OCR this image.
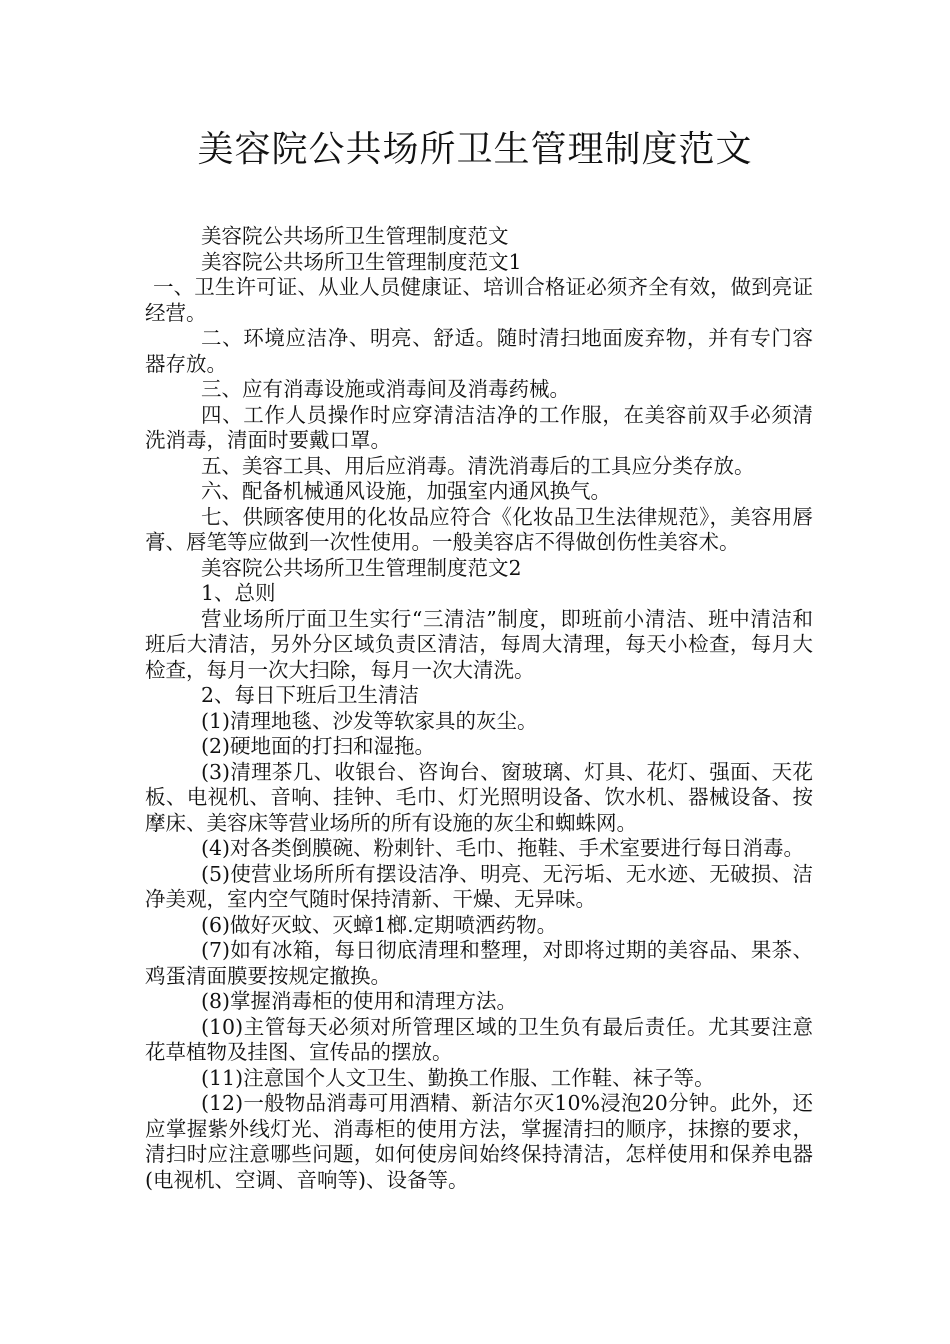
美容院公共场所卫生管理制度范文

美容院公共场所卫生管理制度范文

美容院公共场所卫生管理制度范文1

一、卫生许可证、从业人员健康证、培训合格证必须齐全有效，做到亮证经营。

二、环境应洁净、明亮、舒适。随时清扫地面废弃物，并有专门容器存放。

三、应有消毒设施或消毒间及消毒药械。

四、工作人员操作时应穿清洁洁净的工作服，在美容前双手必须清洗消毒，清面时要戴口罩。

五、美容工具、用后应消毒。清洗消毒后的工具应分类存放。

六、配备机械通风设施，加强室内通风换气。

七、供顾客使用的化妆品应符合《化妆品卫生法律规范》，美容用唇膏、唇笔等应做到一次性使用。一般美容店不得做创伤性美容术。

美容院公共场所卫生管理制度范文2

1、总则

营业场所厅面卫生实行“三清洁”制度，即班前小清洁、班中清洁和班后大清洁，另外分区域负责区清洁，每周大清理，每天小检查，每月大检查，每月一次大扫除，每月一次大清洗。

2、每日下班后卫生清洁

(1)清理地毯、沙发等软家具的灰尘。

(2)硬地面的打扫和湿拖。

(3)清理茶几、收银台、咨询台、窗玻璃、灯具、花灯、强面、天花板、电视机、音响、挂钟、毛巾、灯光照明设备、饮水机、器械设备、按摩床、美容床等营业场所的所有设施的灰尘和蜘蛛网。

(4)对各类倒膜碗、粉刺针、毛巾、拖鞋、手术室要进行每日消毒。

(5)使营业场所所有摆设洁净、明亮、无污垢、无水迹、无破损、洁净美观，室内空气随时保持清新、干燥、无异味。

(6)做好灭蚊、灭蟑1榔.定期喷洒药物。

(7)如有冰箱，每日彻底清理和整理，对即将过期的美容品、果茶、鸡蛋清面膜要按规定撤换。

(8)掌握消毒柜的使用和清理方法。

(10)主管每天必须对所管理区域的卫生负有最后责任。尤其要注意花草植物及挂图、宣传品的摆放。

(11)注意国个人文卫生、勤换工作服、工作鞋、袜子等。

(12)一般物品消毒可用酒精、新洁尔灭10%浸泡20分钟。此外，还应掌握紫外线灯光、消毒柜的使用方法，掌握清扫的顺序，抹擦的要求，清扫时应注意哪些问题，如何使房间始终保持清洁，怎样使用和保养电器(电视机、空调、音响等)、设备等。
